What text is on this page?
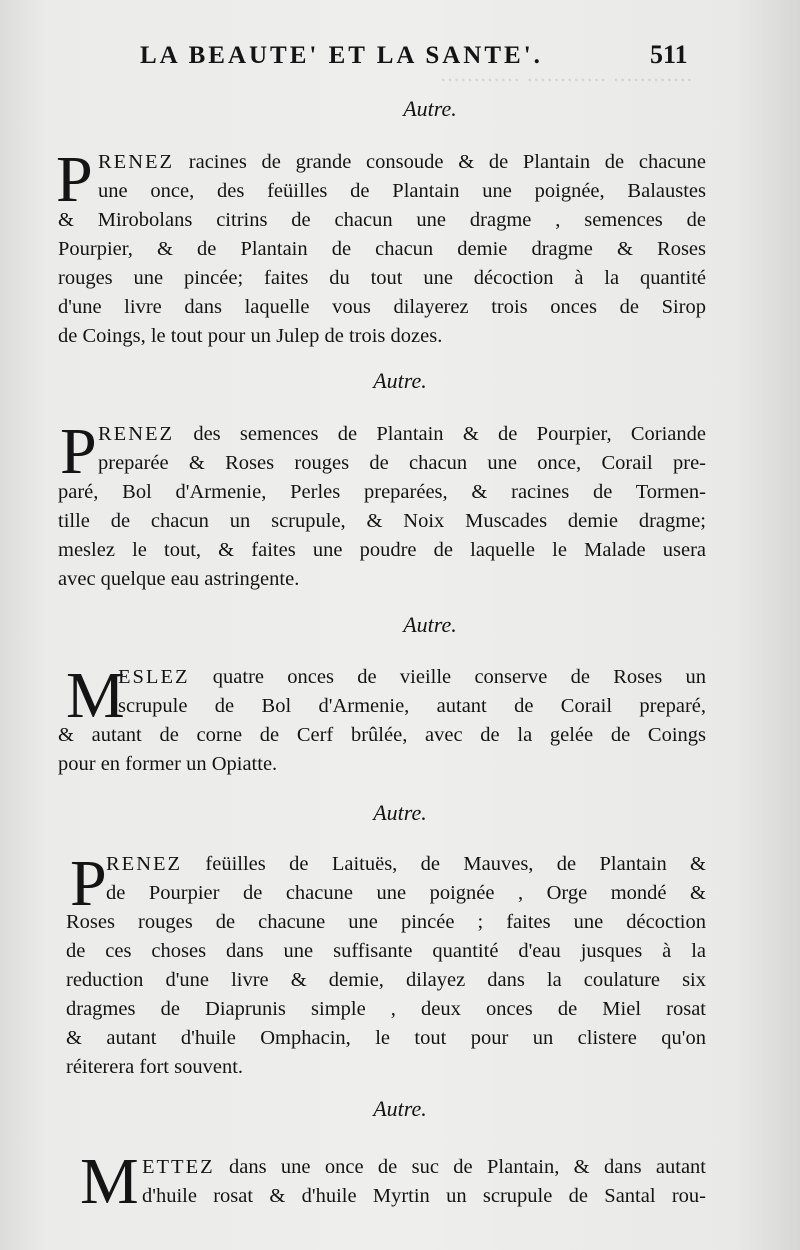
………… ………… …………
LA BEAUTE' ET LA SANTE'.	511
Autre.
P RENEZ racines de grande consoude & de Plantain de chacune
une once, des feüilles de Plantain une poignée, Balaustes
& Mirobolans citrins de chacun une dragme , semences de
Pourpier, & de Plantain de chacun demie dragme & Roses
rouges une pincée; faites du tout une décoction à la quantité
d'une livre dans laquelle vous dilayerez trois onces de Sirop
de Coings, le tout pour un Julep de trois dozes.
Autre.
P RENEZ des semences de Plantain & de Pourpier, Coriande
preparée & Roses rouges de chacun une once, Corail pre-
paré, Bol d'Armenie, Perles preparées, & racines de Tormen-
tille de chacun un scrupule, & Noix Muscades demie dragme;
meslez le tout, & faites une poudre de laquelle le Malade usera
avec quelque eau astringente.
Autre.
M
ESLEZ quatre onces de vieille conserve de Roses un
scrupule de Bol d'Armenie, autant de Corail preparé,
& autant de corne de Cerf brûlée, avec de la gelée de Coings
pour en former un Opiatte.
Autre.
P RENEZ feüilles de Laituës, de Mauves, de Plantain &
de Pourpier de chacune une poignée , Orge mondé &
Roses rouges de chacune une pincée ; faites une décoction
de ces choses dans une suffisante quantité d'eau jusques à la
reduction d'une livre & demie, dilayez dans la coulature six
dragmes de Diaprunis simple , deux onces de Miel rosat
& autant d'huile Omphacin, le tout pour un clistere qu'on
réiterera fort souvent.
Autre.
M ETTEZ dans une once de suc de Plantain, & dans autant
d'huile rosat & d'huile Myrtin un scrupule de Santal rou-
